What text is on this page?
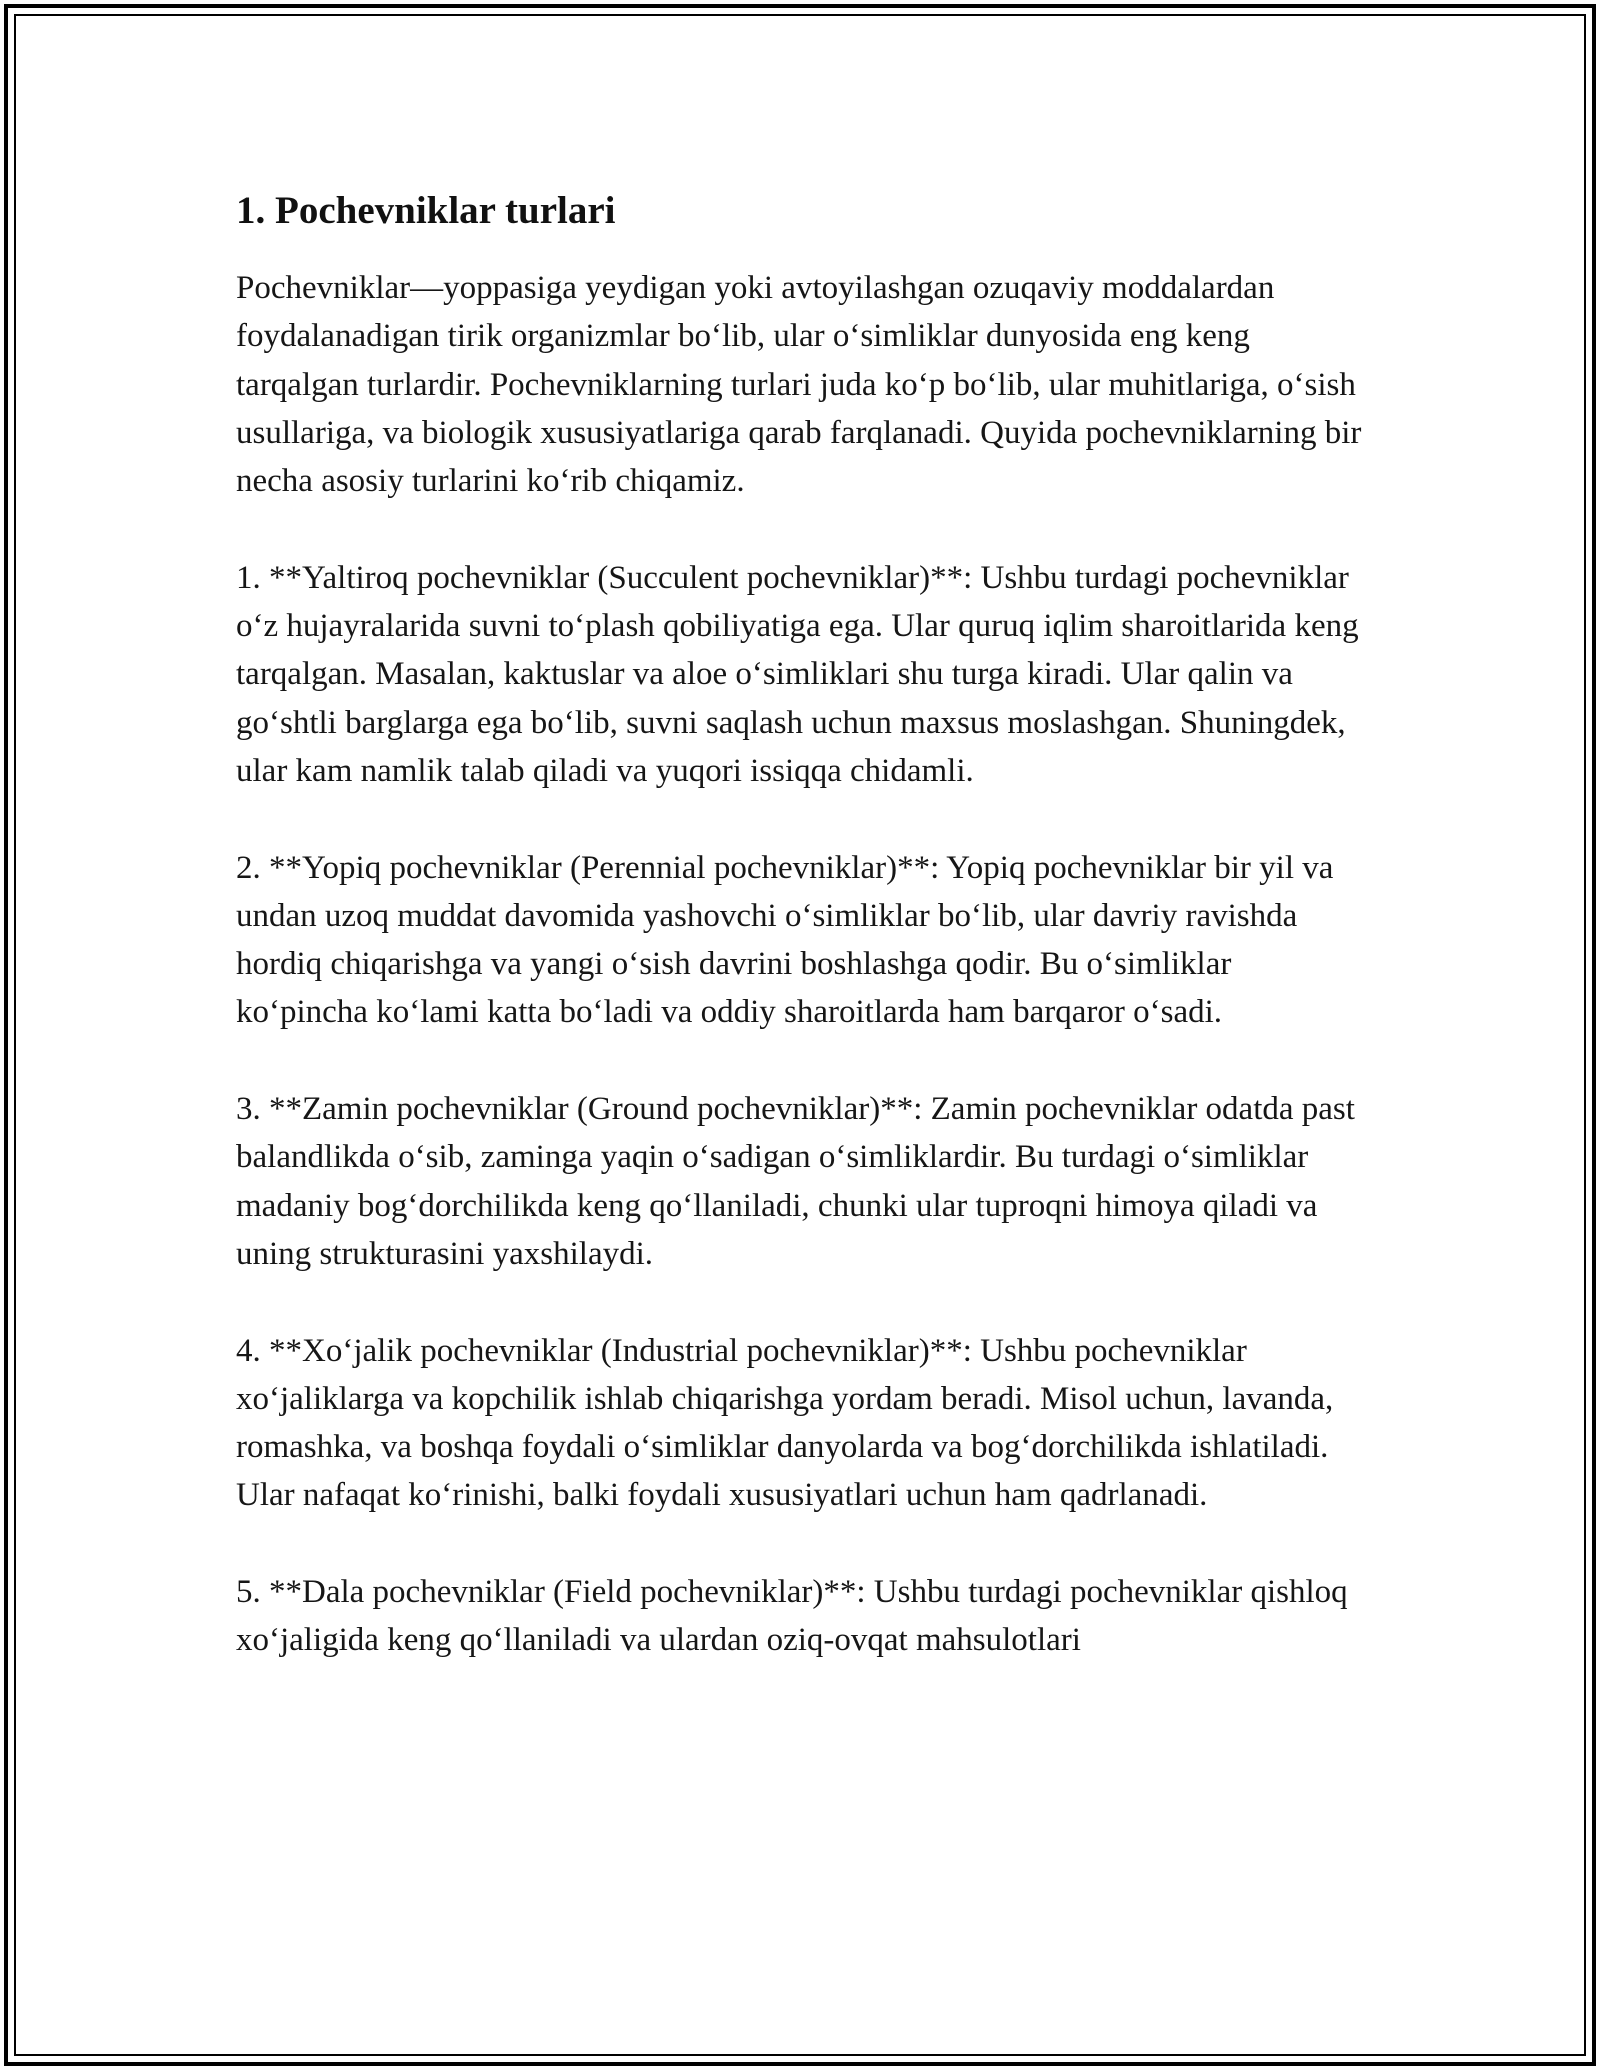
1. Pochevniklar turlari

Pochevniklar—yoppasiga yeydigan yoki avtoyilashgan ozuqaviy moddalardan foydalanadigan tirik organizmlar bo‘lib, ular o‘simliklar dunyosida eng keng tarqalgan turlardir. Pochevniklarning turlari juda ko‘p bo‘lib, ular muhitlariga, o‘sish usullariga, va biologik xususiyatlariga qarab farqlanadi. Quyida pochevniklarning bir necha asosiy turlarini ko‘rib chiqamiz.

1. **Yaltiroq pochevniklar (Succulent pochevniklar)**: Ushbu turdagi pochevniklar o‘z hujayralarida suvni to‘plash qobiliyatiga ega. Ular quruq iqlim sharoitlarida keng tarqalgan. Masalan, kaktuslar va aloe o‘simliklari shu turga kiradi. Ular qalin va go‘shtli barglarga ega bo‘lib, suvni saqlash uchun maxsus moslashgan. Shuningdek, ular kam namlik talab qiladi va yuqori issiqqa chidamli.

2. **Yopiq pochevniklar (Perennial pochevniklar)**: Yopiq pochevniklar bir yil va undan uzoq muddat davomida yashovchi o‘simliklar bo‘lib, ular davriy ravishda hordiq chiqarishga va yangi o‘sish davrini boshlashga qodir. Bu o‘simliklar ko‘pincha ko‘lami katta bo‘ladi va oddiy sharoitlarda ham barqaror o‘sadi.

3. **Zamin pochevniklar (Ground pochevniklar)**: Zamin pochevniklar odatda past balandlikda o‘sib, zaminga yaqin o‘sadigan o‘simliklardir. Bu turdagi o‘simliklar madaniy bog‘dorchilikda keng qo‘llaniladi, chunki ular tuproqni himoya qiladi va uning strukturasini yaxshilaydi.

4. **Xo‘jalik pochevniklar (Industrial pochevniklar)**: Ushbu pochevniklar xo‘jaliklarga va kopchilik ishlab chiqarishga yordam beradi. Misol uchun, lavanda, romashka, va boshqa foydali o‘simliklar danyolarda va bog‘dorchilikda ishlatiladi. Ular nafaqat ko‘rinishi, balki foydali xususiyatlari uchun ham qadrlanadi.

5. **Dala pochevniklar (Field pochevniklar)**: Ushbu turdagi pochevniklar qishloq xo‘jaligida keng qo‘llaniladi va ulardan oziq-ovqat mahsulotlari
